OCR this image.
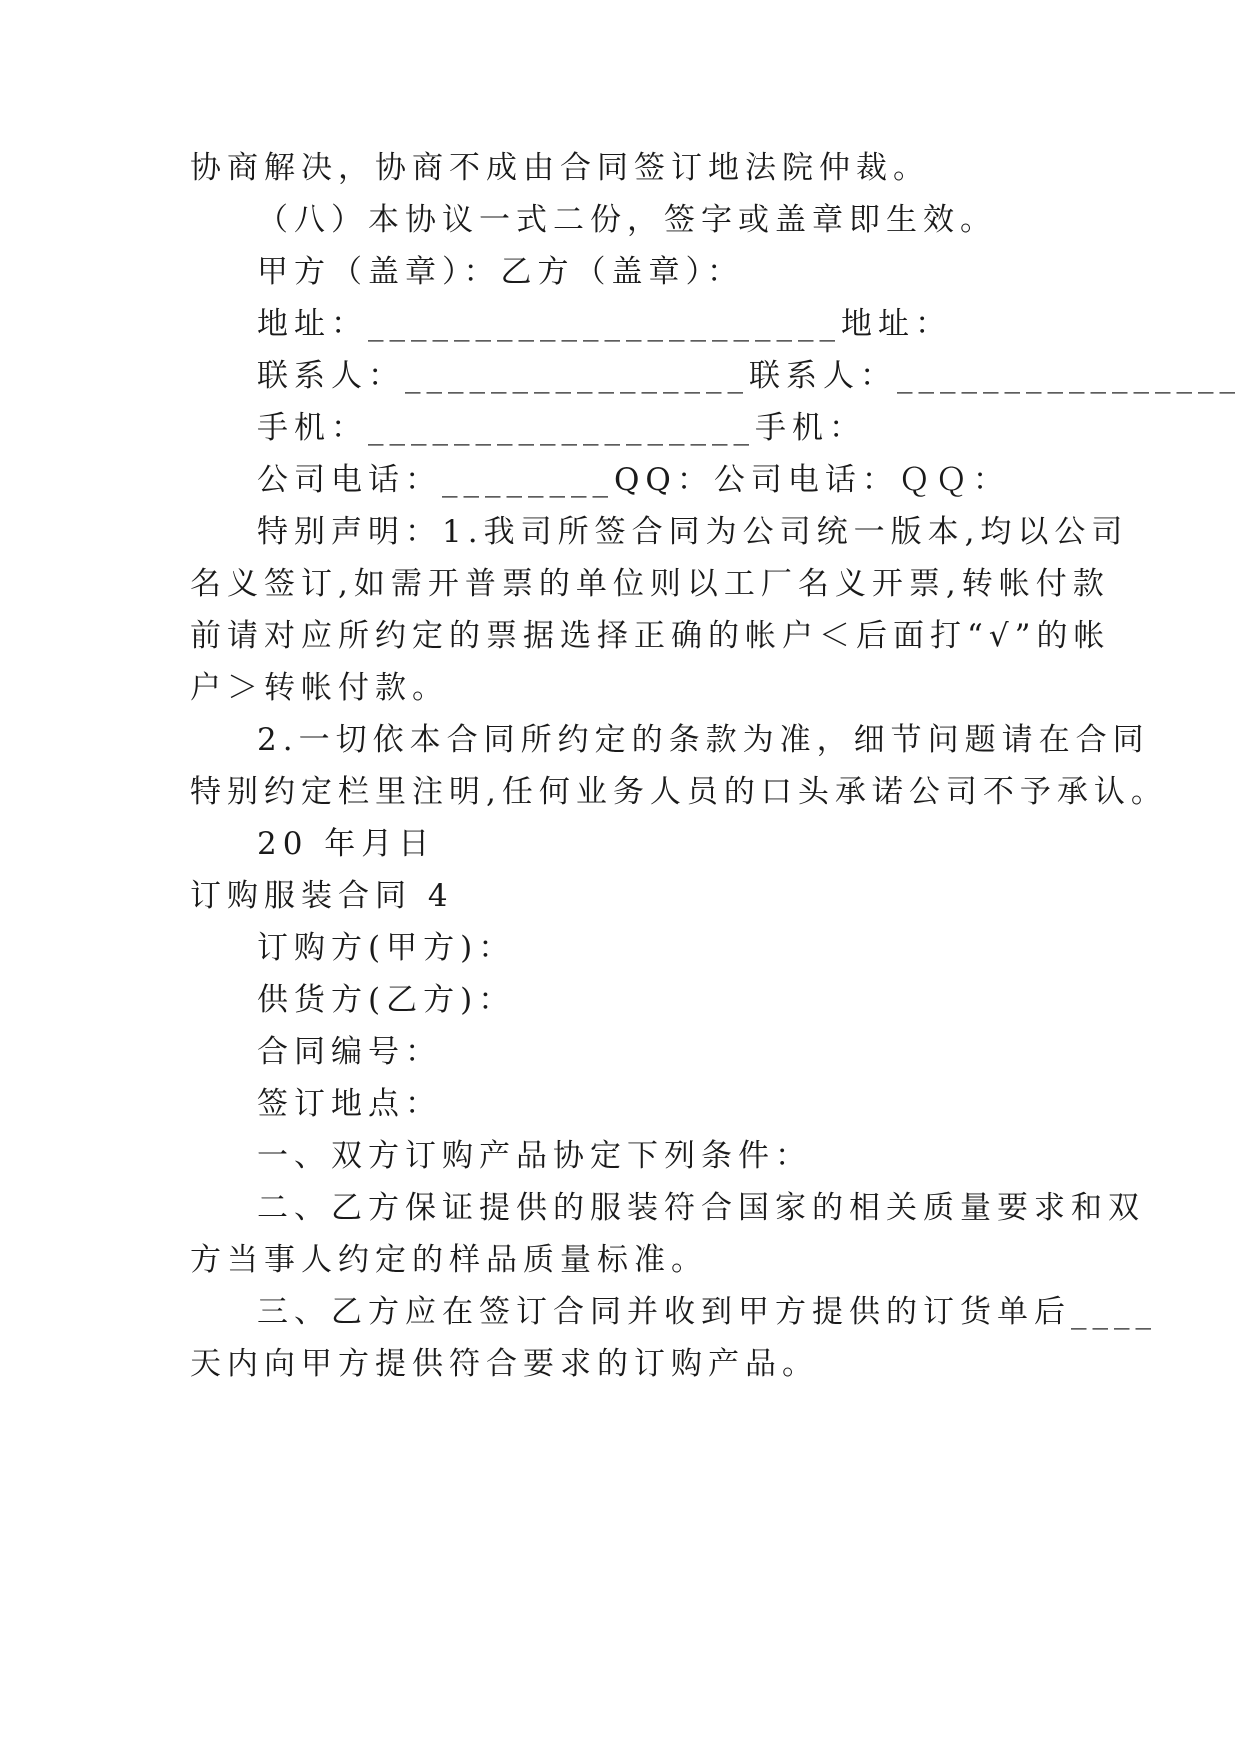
协商解决，协商不成由合同签订地法院仲裁。
（八）本协议一式二份，签字或盖章即生效。
甲方（盖章）：乙方（盖章）：
地址：______________________地址：
联系人：________________联系人：________________
手机：__________________手机：
公司电话：________QQ：公司电话：ＱＱ：
特别声明：1.我司所签合同为公司统一版本,均以公司
名义签订,如需开普票的单位则以工厂名义开票,转帐付款
前请对应所约定的票据选择正确的帐户＜后面打“√”的帐
户＞转帐付款。
2.一切依本合同所约定的条款为准，细节问题请在合同
特别约定栏里注明,任何业务人员的口头承诺公司不予承认。
20 年月日
订购服装合同 4
订购方(甲方)：
供货方(乙方)：
合同编号：
签订地点：
一、双方订购产品协定下列条件：
二、乙方保证提供的服装符合国家的相关质量要求和双
方当事人约定的样品质量标准。
三、乙方应在签订合同并收到甲方提供的订货单后____
天内向甲方提供符合要求的订购产品。
